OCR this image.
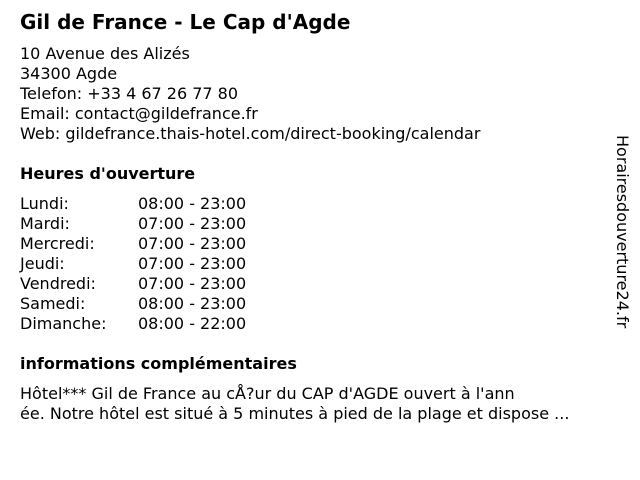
Gil de France - Le Cap d'Agde
10 Avenue des Alizés
34300 Agde
Telefon: +33 4 67 26 77 80
Email: contact@gildefrance.fr
Web: gildefrance.thais-hotel.com/direct-booking/calendar
Heures d'ouverture
Lundi:	08:00 - 23:00
Mardi:	07:00 - 23:00
Mercredi:	07:00 - 23:00
Jeudi:	07:00 - 23:00
Vendredi:	07:00 - 23:00
Samedi:	08:00 - 23:00
Dimanche:	08:00 - 22:00
informations complémentaires
Hôtel*** Gil de France au cÅ?ur du CAP d'AGDE ouvert à l'ann
ée. Notre hôtel est situé à 5 minutes à pied de la plage et dispose ...
Horairesdouverture24.fr
